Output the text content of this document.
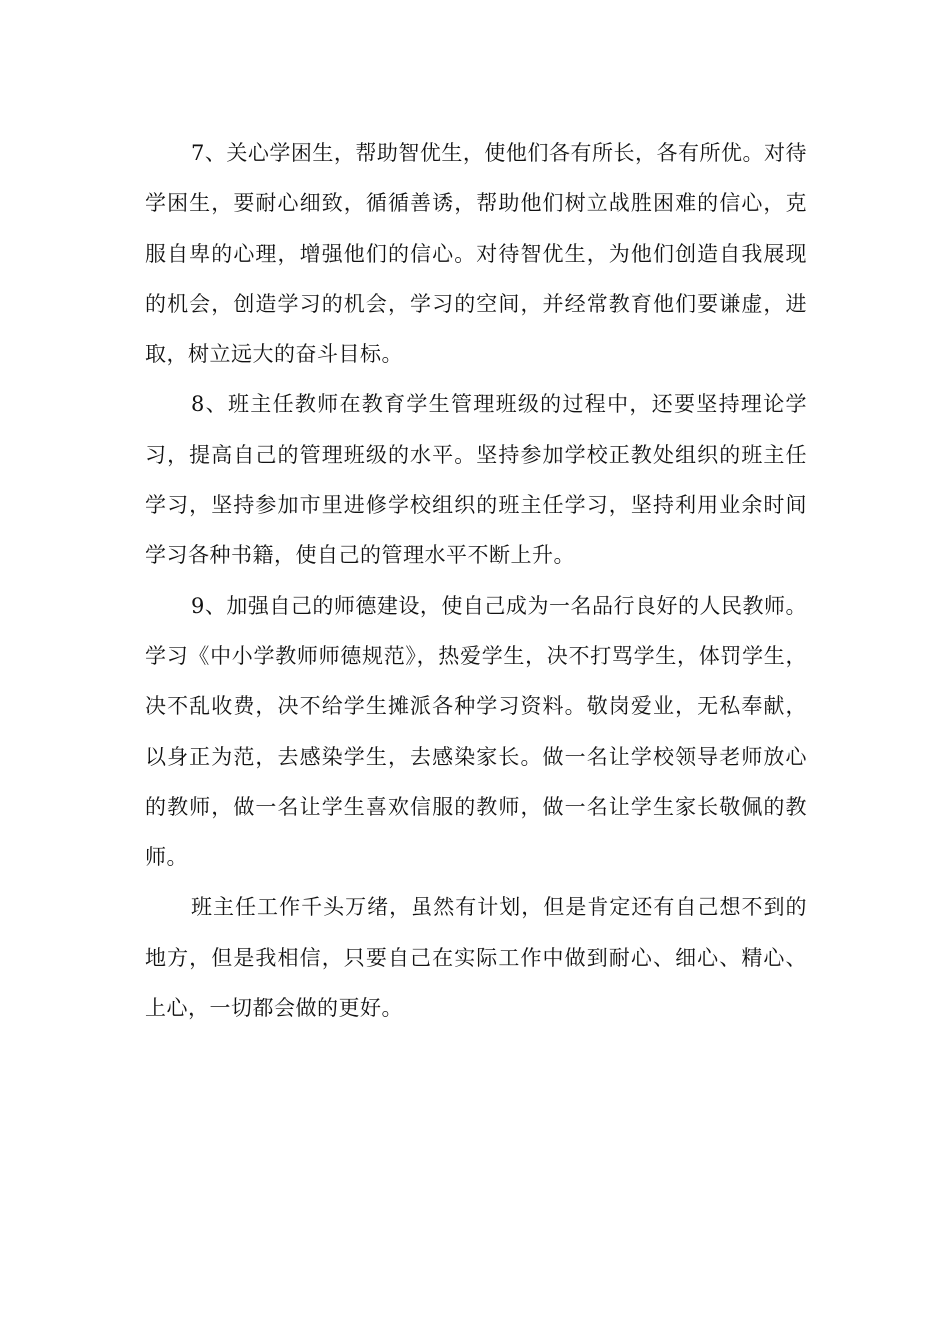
7、关心学困生，帮助智优生，使他们各有所长，各有所优。对待学困生，要耐心细致，循循善诱，帮助他们树立战胜困难的信心，克服自卑的心理，增强他们的信心。对待智优生，为他们创造自我展现的机会，创造学习的机会，学习的空间，并经常教育他们要谦虚，进取，树立远大的奋斗目标。

8、班主任教师在教育学生管理班级的过程中，还要坚持理论学习，提高自己的管理班级的水平。坚持参加学校正教处组织的班主任学习，坚持参加市里进修学校组织的班主任学习，坚持利用业余时间学习各种书籍，使自己的管理水平不断上升。

9、加强自己的师德建设，使自己成为一名品行良好的人民教师。学习《中小学教师师德规范》，热爱学生，决不打骂学生，体罚学生，决不乱收费，决不给学生摊派各种学习资料。敬岗爱业，无私奉献，以身正为范，去感染学生，去感染家长。做一名让学校领导老师放心的教师，做一名让学生喜欢信服的教师，做一名让学生家长敬佩的教师。

班主任工作千头万绪，虽然有计划，但是肯定还有自己想不到的地方，但是我相信，只要自己在实际工作中做到耐心、细心、精心、上心，一切都会做的更好。
